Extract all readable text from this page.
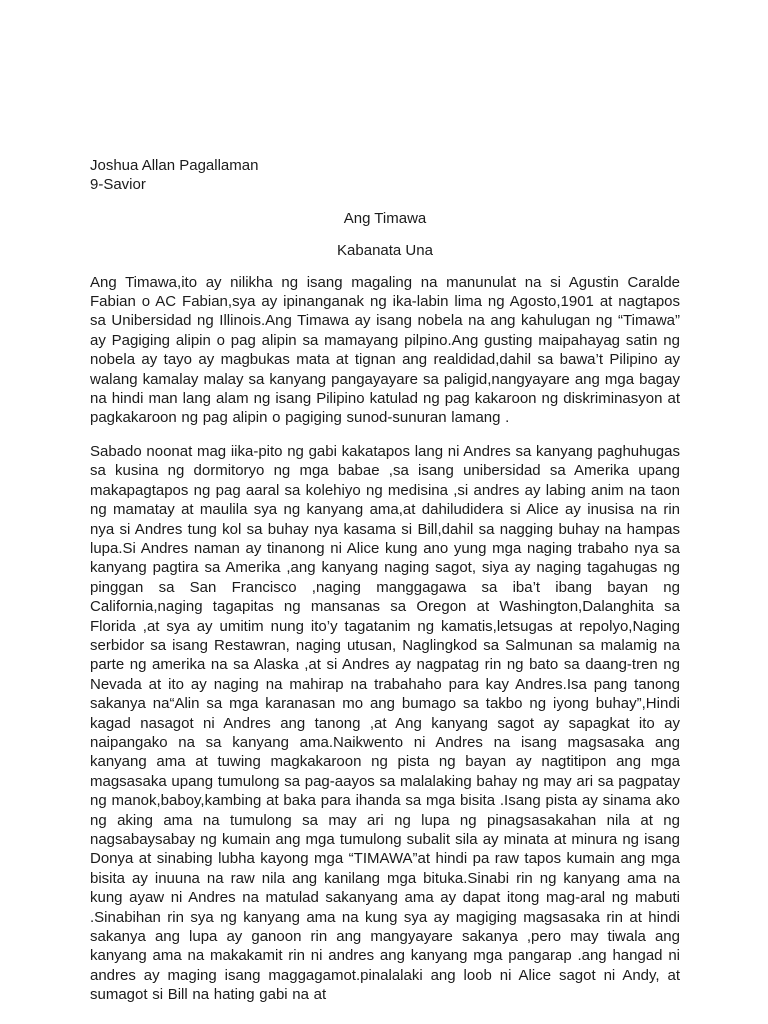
Joshua Allan Pagallaman

9-Savior

Ang Timawa

Kabanata Una

Ang Timawa,ito ay nilikha ng isang magaling na manunulat na si Agustin Caralde Fabian o AC Fabian,sya ay ipinanganak ng ika-labin lima ng Agosto,1901 at nagtapos sa Unibersidad ng Illinois.Ang Timawa ay isang nobela na ang kahulugan ng “Timawa” ay Pagiging alipin o pag alipin sa mamayang pilpino.Ang gusting maipahayag satin ng nobela ay tayo ay magbukas mata at tignan ang realdidad,dahil sa bawa’t Pilipino ay walang kamalay malay sa kanyang pangayayare sa paligid,nangyayare ang mga bagay na hindi man lang alam ng isang Pilipino katulad ng pag kakaroon ng diskriminasyon at pagkakaroon ng pag alipin o pagiging sunod-sunuran lamang .

Sabado noonat mag iika-pito ng gabi kakatapos lang ni Andres sa kanyang paghuhugas sa kusina ng dormitoryo ng mga babae ,sa isang unibersidad sa Amerika upang makapagtapos ng pag aaral sa kolehiyo ng medisina ,si andres ay labing anim na taon ng mamatay at maulila sya ng kanyang ama,at dahiludidera si Alice ay inusisa na rin nya si Andres tung kol sa buhay nya kasama si Bill,dahil sa nagging buhay na hampas lupa.Si Andres naman ay tinanong ni Alice kung ano yung mga naging trabaho nya sa kanyang pagtira sa Amerika ,ang kanyang naging sagot, siya ay naging tagahugas ng pinggan sa San Francisco ,naging manggagawa sa iba’t ibang bayan ng California,naging tagapitas ng mansanas sa Oregon at Washington,Dalanghita sa Florida ,at sya ay umitim nung ito’y tagatanim ng kamatis,letsugas at repolyo,Naging serbidor sa isang Restawran, naging utusan, Naglingkod sa Salmunan sa malamig na parte ng amerika na sa Alaska ,at si Andres ay nagpatag rin ng bato sa daang-tren ng Nevada at ito ay naging na mahirap na trabahaho para kay Andres.Isa pang tanong sakanya na“Alin sa mga karanasan mo ang bumago sa takbo ng iyong buhay”,Hindi kagad nasagot ni Andres ang tanong ,at Ang kanyang sagot ay sapagkat ito ay naipangako na sa kanyang ama.Naikwento ni Andres na isang magsasaka ang kanyang ama at tuwing magkakaroon ng pista ng bayan ay nagtitipon ang mga magsasaka upang tumulong sa pag-aayos sa malalaking bahay ng may ari sa pagpatay ng manok,baboy,kambing at baka para ihanda sa mga bisita .Isang pista ay sinama ako ng aking ama na tumulong sa may ari ng lupa ng pinagsasakahan nila at ng nagsabaysabay ng kumain ang mga tumulong subalit sila ay minata at minura ng isang Donya at sinabing lubha kayong mga “TIMAWA”at hindi pa raw tapos kumain ang mga bisita ay inuuna na raw nila ang kanilang mga bituka.Sinabi rin ng kanyang ama na kung ayaw ni Andres na matulad sakanyang ama ay dapat itong mag-aral ng mabuti .Sinabihan rin sya ng kanyang ama na kung sya ay magiging magsasaka rin at hindi sakanya ang lupa ay ganoon rin ang mangyayare sakanya ,pero may tiwala ang kanyang ama na makakamit rin ni andres ang kanyang mga pangarap .ang hangad ni andres ay maging isang maggagamot.pinalalaki ang loob ni Alice sagot ni Andy, at sumagot si Bill na hating gabi na at
